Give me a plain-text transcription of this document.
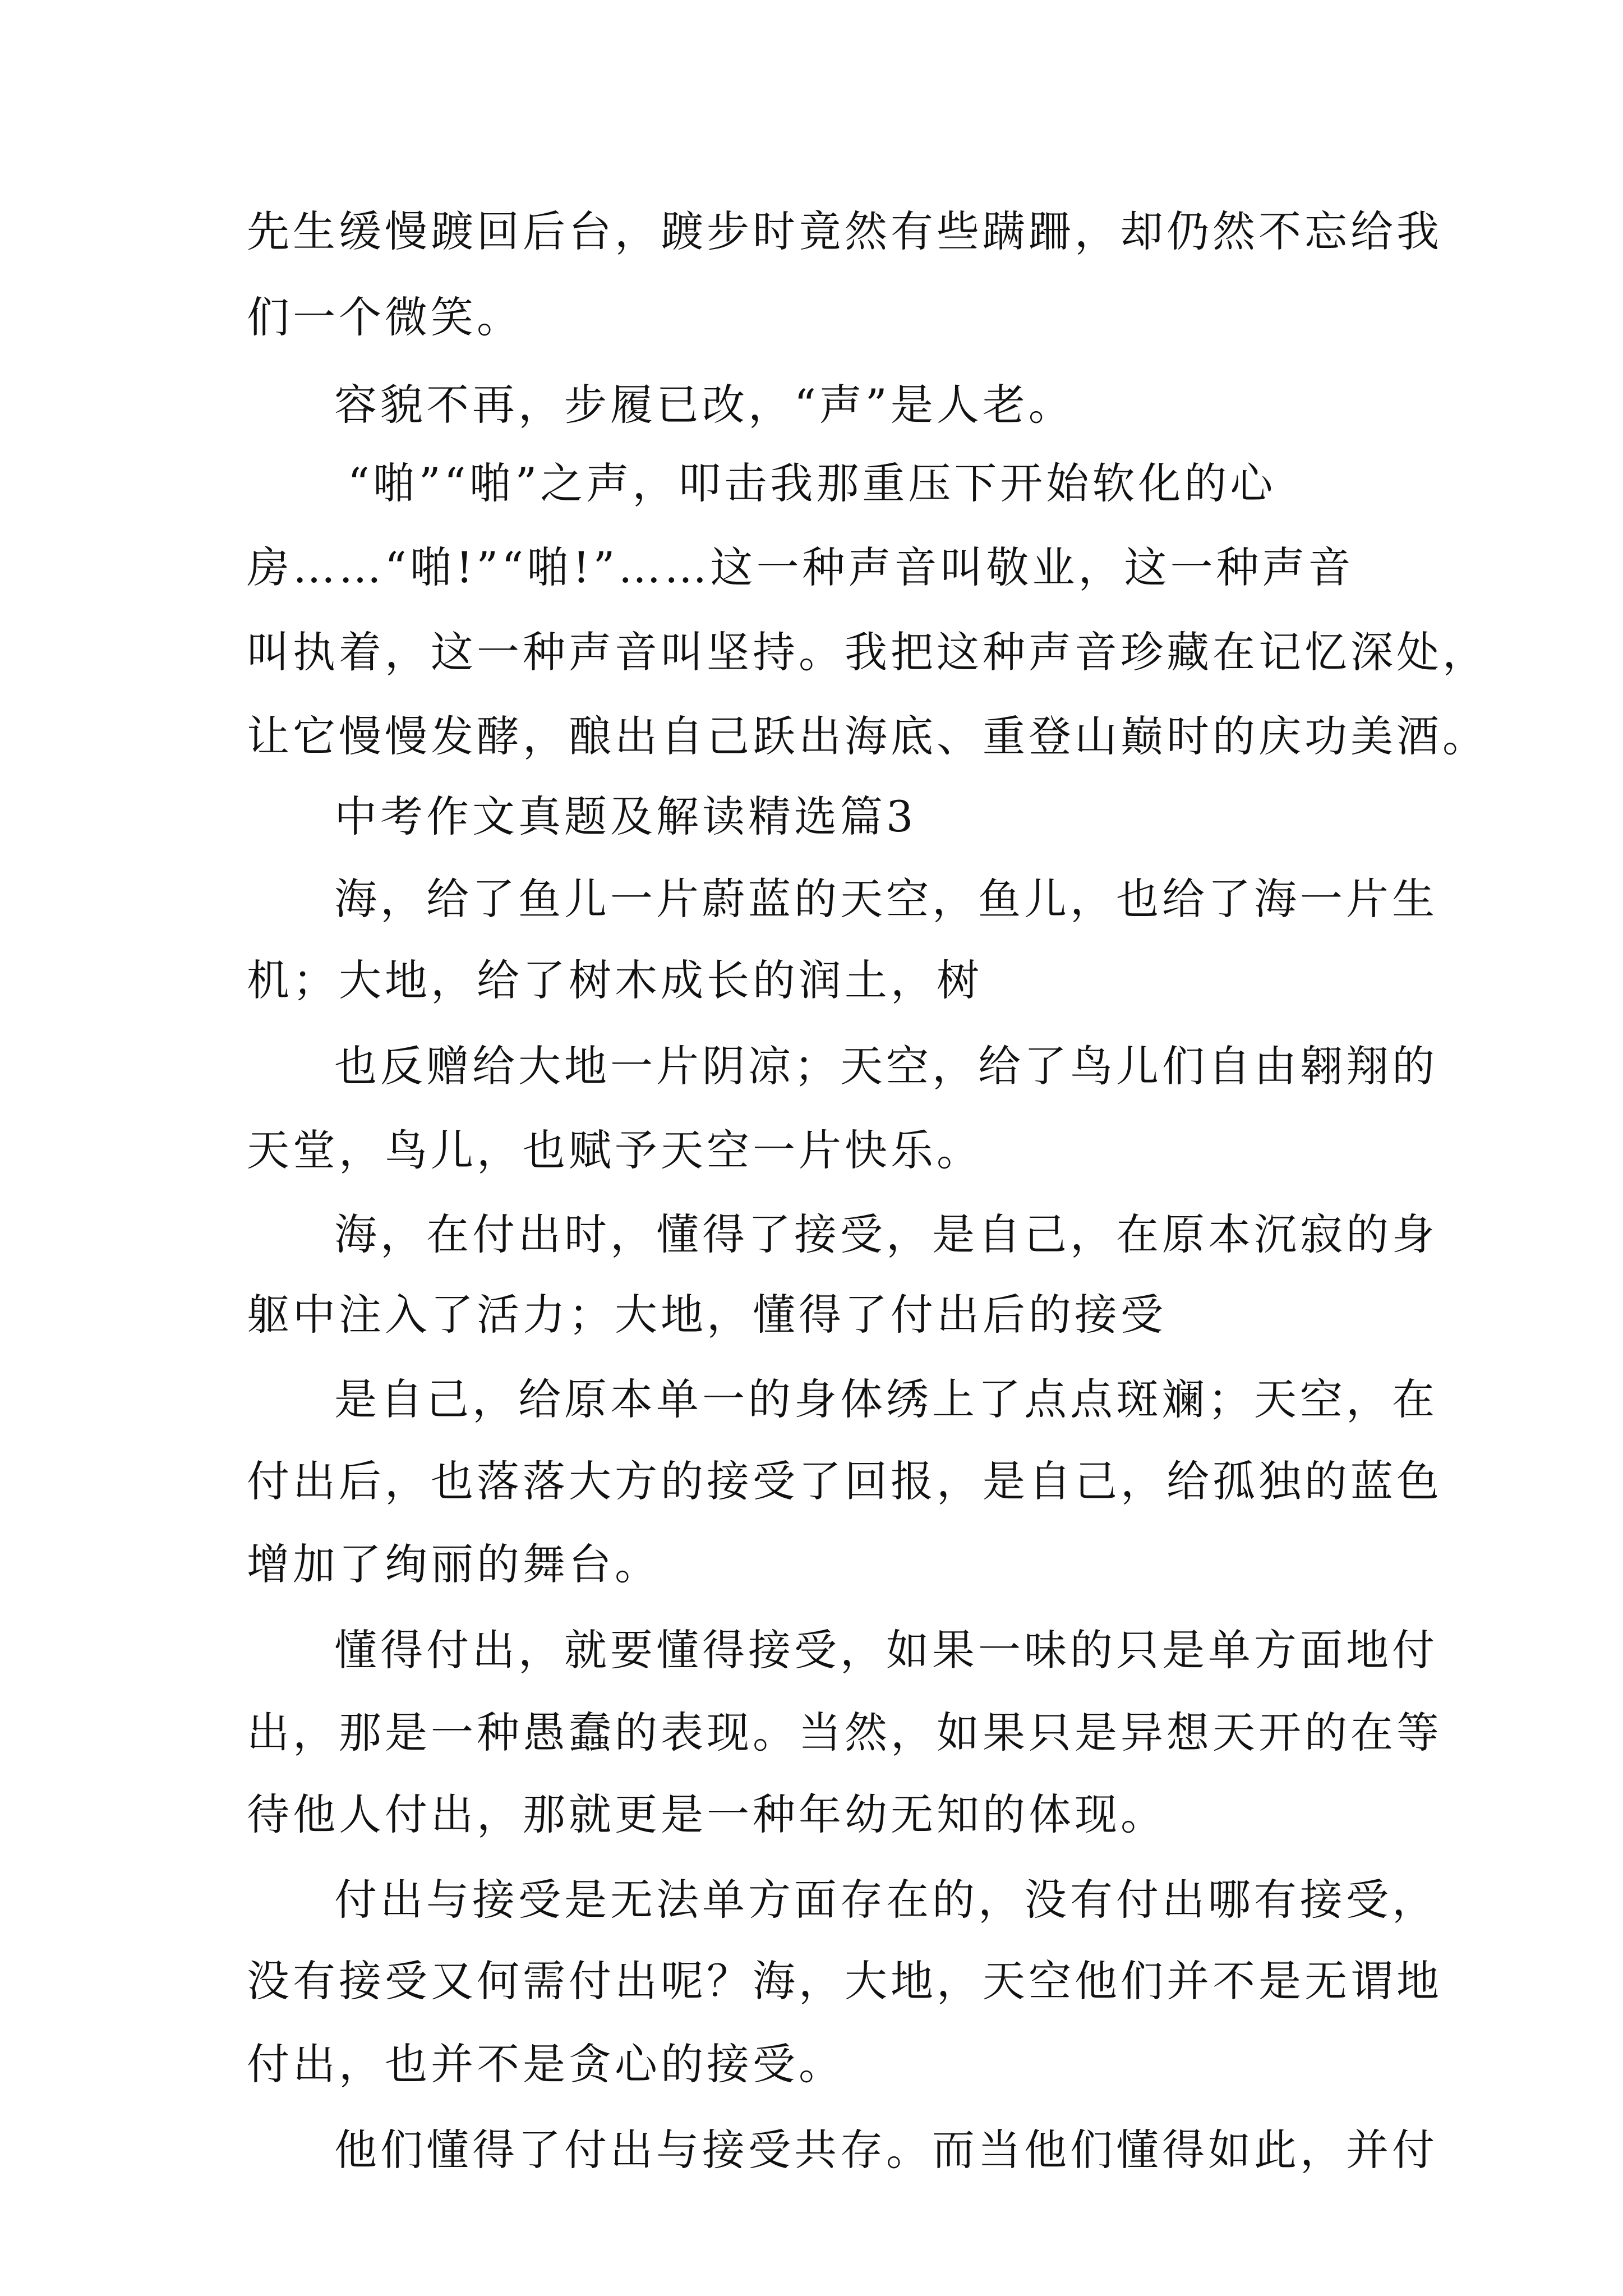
先生缓慢踱回后台，踱步时竟然有些蹒跚，却仍然不忘给我
们一个微笑。
容貌不再，步履已改，“声”是人老。
“啪”“啪”之声，叩击我那重压下开始软化的心
房……“啪!”“啪!”……这一种声音叫敬业，这一种声音
叫执着，这一种声音叫坚持。我把这种声音珍藏在记忆深处，
让它慢慢发酵，酿出自己跃出海底、重登山巅时的庆功美酒。
中考作文真题及解读精选篇3
海，给了鱼儿一片蔚蓝的天空，鱼儿，也给了海一片生
机；大地，给了树木成长的润土，树
也反赠给大地一片阴凉；天空，给了鸟儿们自由翱翔的
天堂，鸟儿，也赋予天空一片快乐。
海，在付出时，懂得了接受，是自己，在原本沉寂的身
躯中注入了活力；大地，懂得了付出后的接受
是自己，给原本单一的身体绣上了点点斑斓；天空，在
付出后，也落落大方的接受了回报，是自己，给孤独的蓝色
增加了绚丽的舞台。
懂得付出，就要懂得接受，如果一味的只是单方面地付
出，那是一种愚蠢的表现。当然，如果只是异想天开的在等
待他人付出，那就更是一种年幼无知的体现。
付出与接受是无法单方面存在的，没有付出哪有接受，
没有接受又何需付出呢？海，大地，天空他们并不是无谓地
付出，也并不是贪心的接受。
他们懂得了付出与接受共存。而当他们懂得如此，并付
